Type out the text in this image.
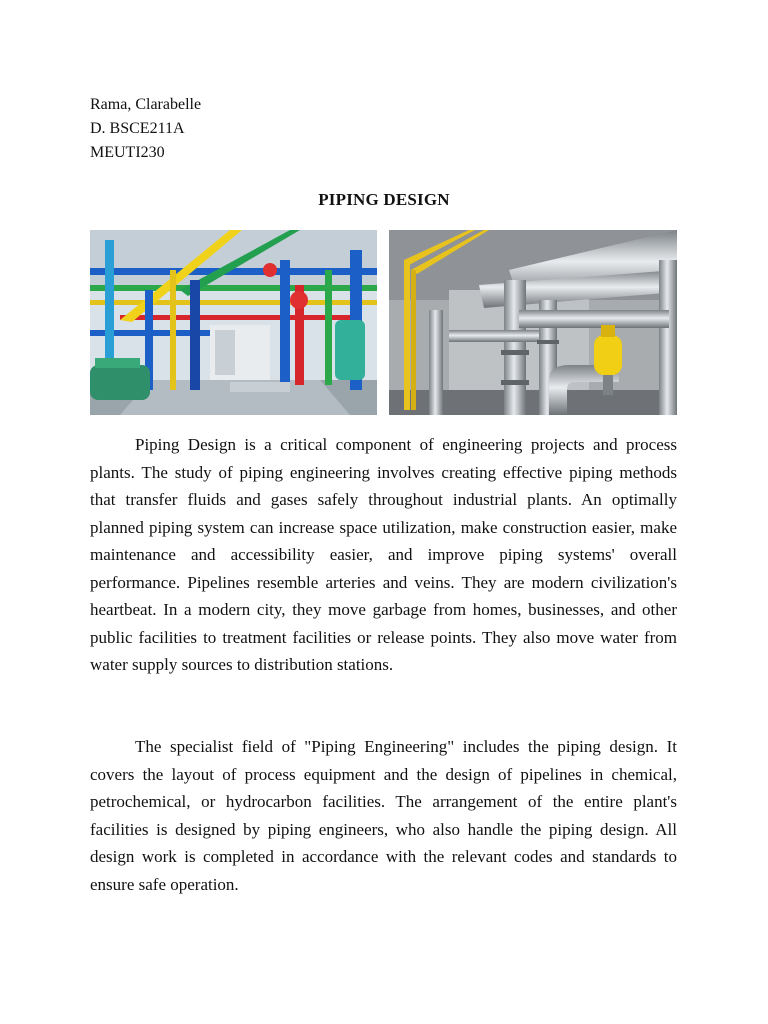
Rama, Clarabelle
D. BSCE211A
MEUTI230
PIPING DESIGN

Piping Design is a critical component of engineering projects and process plants. The study of piping engineering involves creating effective piping methods that transfer fluids and gases safely throughout industrial plants. An optimally planned piping system can increase space utilization, make construction easier, make maintenance and accessibility easier, and improve piping systems' overall performance. Pipelines resemble arteries and veins. They are modern civilization's heartbeat. In a modern city, they move garbage from homes, businesses, and other public facilities to treatment facilities or release points. They also move water from water supply sources to distribution stations.

The specialist field of "Piping Engineering" includes the piping design. It covers the layout of process equipment and the design of pipelines in chemical, petrochemical, or hydrocarbon facilities. The arrangement of the entire plant's facilities is designed by piping engineers, who also handle the piping design. All design work is completed in accordance with the relevant codes and standards to ensure safe operation.
